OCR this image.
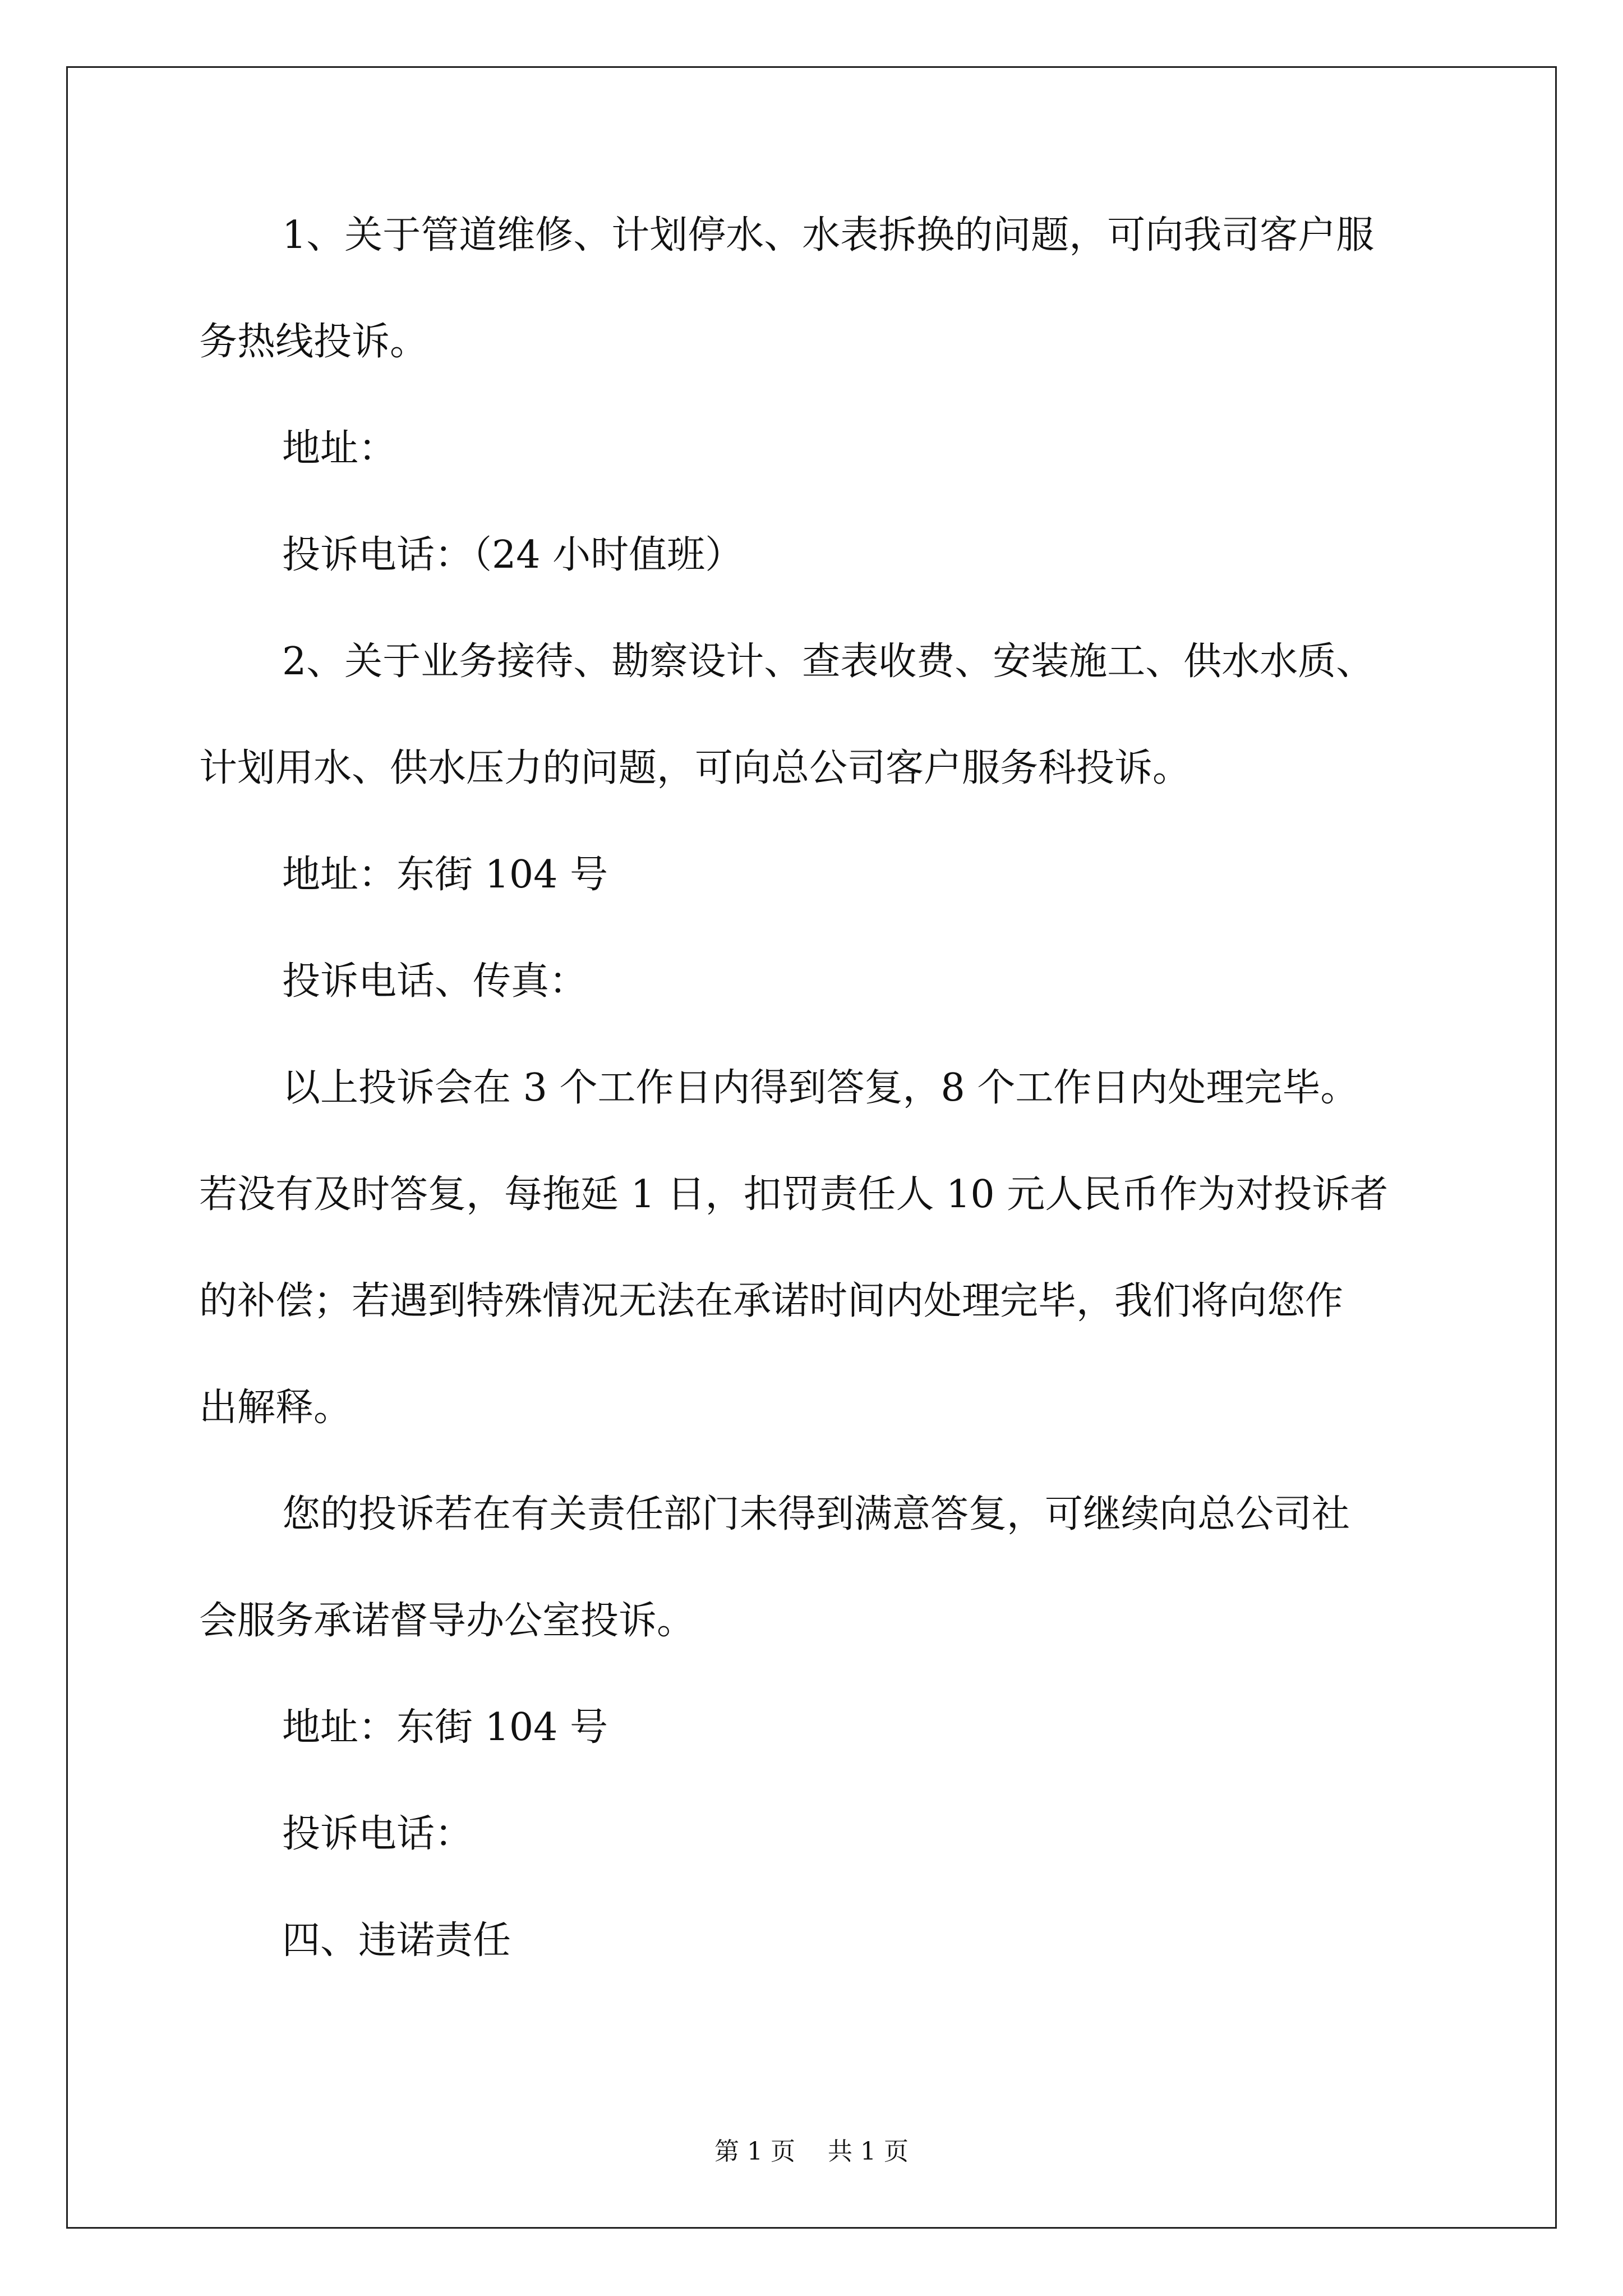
1、关于管道维修、计划停水、水表拆换的问题，可向我司客户服
务热线投诉。
地址：
投诉电话：（24 小时值班）
2、关于业务接待、勘察设计、查表收费、安装施工、供水水质、
计划用水、供水压力的问题，可向总公司客户服务科投诉。
地址：东街 104 号
投诉电话、传真：
以上投诉会在 3 个工作日内得到答复，8 个工作日内处理完毕。
若没有及时答复，每拖延 1 日，扣罚责任人 10 元人民币作为对投诉者
的补偿；若遇到特殊情况无法在承诺时间内处理完毕，我们将向您作
出解释。
您的投诉若在有关责任部门未得到满意答复，可继续向总公司社
会服务承诺督导办公室投诉。
地址：东街 104 号
投诉电话：
四、违诺责任
第 1 页 共 1 页
